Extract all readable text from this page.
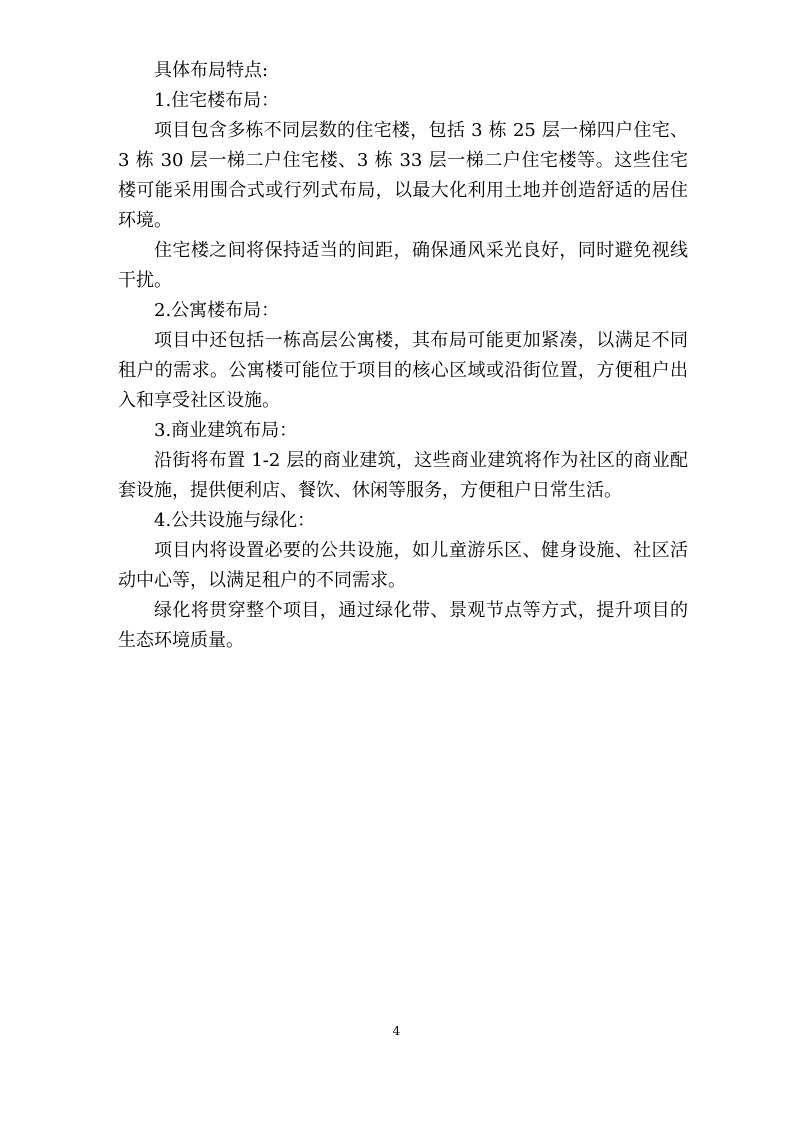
具体布局特点:

1.住宅楼布局：

项目包含多栋不同层数的住宅楼，包括 3 栋 25 层一梯四户住宅、3 栋 30 层一梯二户住宅楼、3 栋 33 层一梯二户住宅楼等。这些住宅楼可能采用围合式或行列式布局，以最大化利用土地并创造舒适的居住环境。

住宅楼之间将保持适当的间距，确保通风采光良好，同时避免视线干扰。

2.公寓楼布局：

项目中还包括一栋高层公寓楼，其布局可能更加紧凑，以满足不同租户的需求。公寓楼可能位于项目的核心区域或沿街位置，方便租户出入和享受社区设施。

3.商业建筑布局：

沿街将布置 1-2 层的商业建筑，这些商业建筑将作为社区的商业配套设施，提供便利店、餐饮、休闲等服务，方便租户日常生活。

4.公共设施与绿化：

项目内将设置必要的公共设施，如儿童游乐区、健身设施、社区活动中心等，以满足租户的不同需求。

绿化将贯穿整个项目，通过绿化带、景观节点等方式，提升项目的生态环境质量。

4
